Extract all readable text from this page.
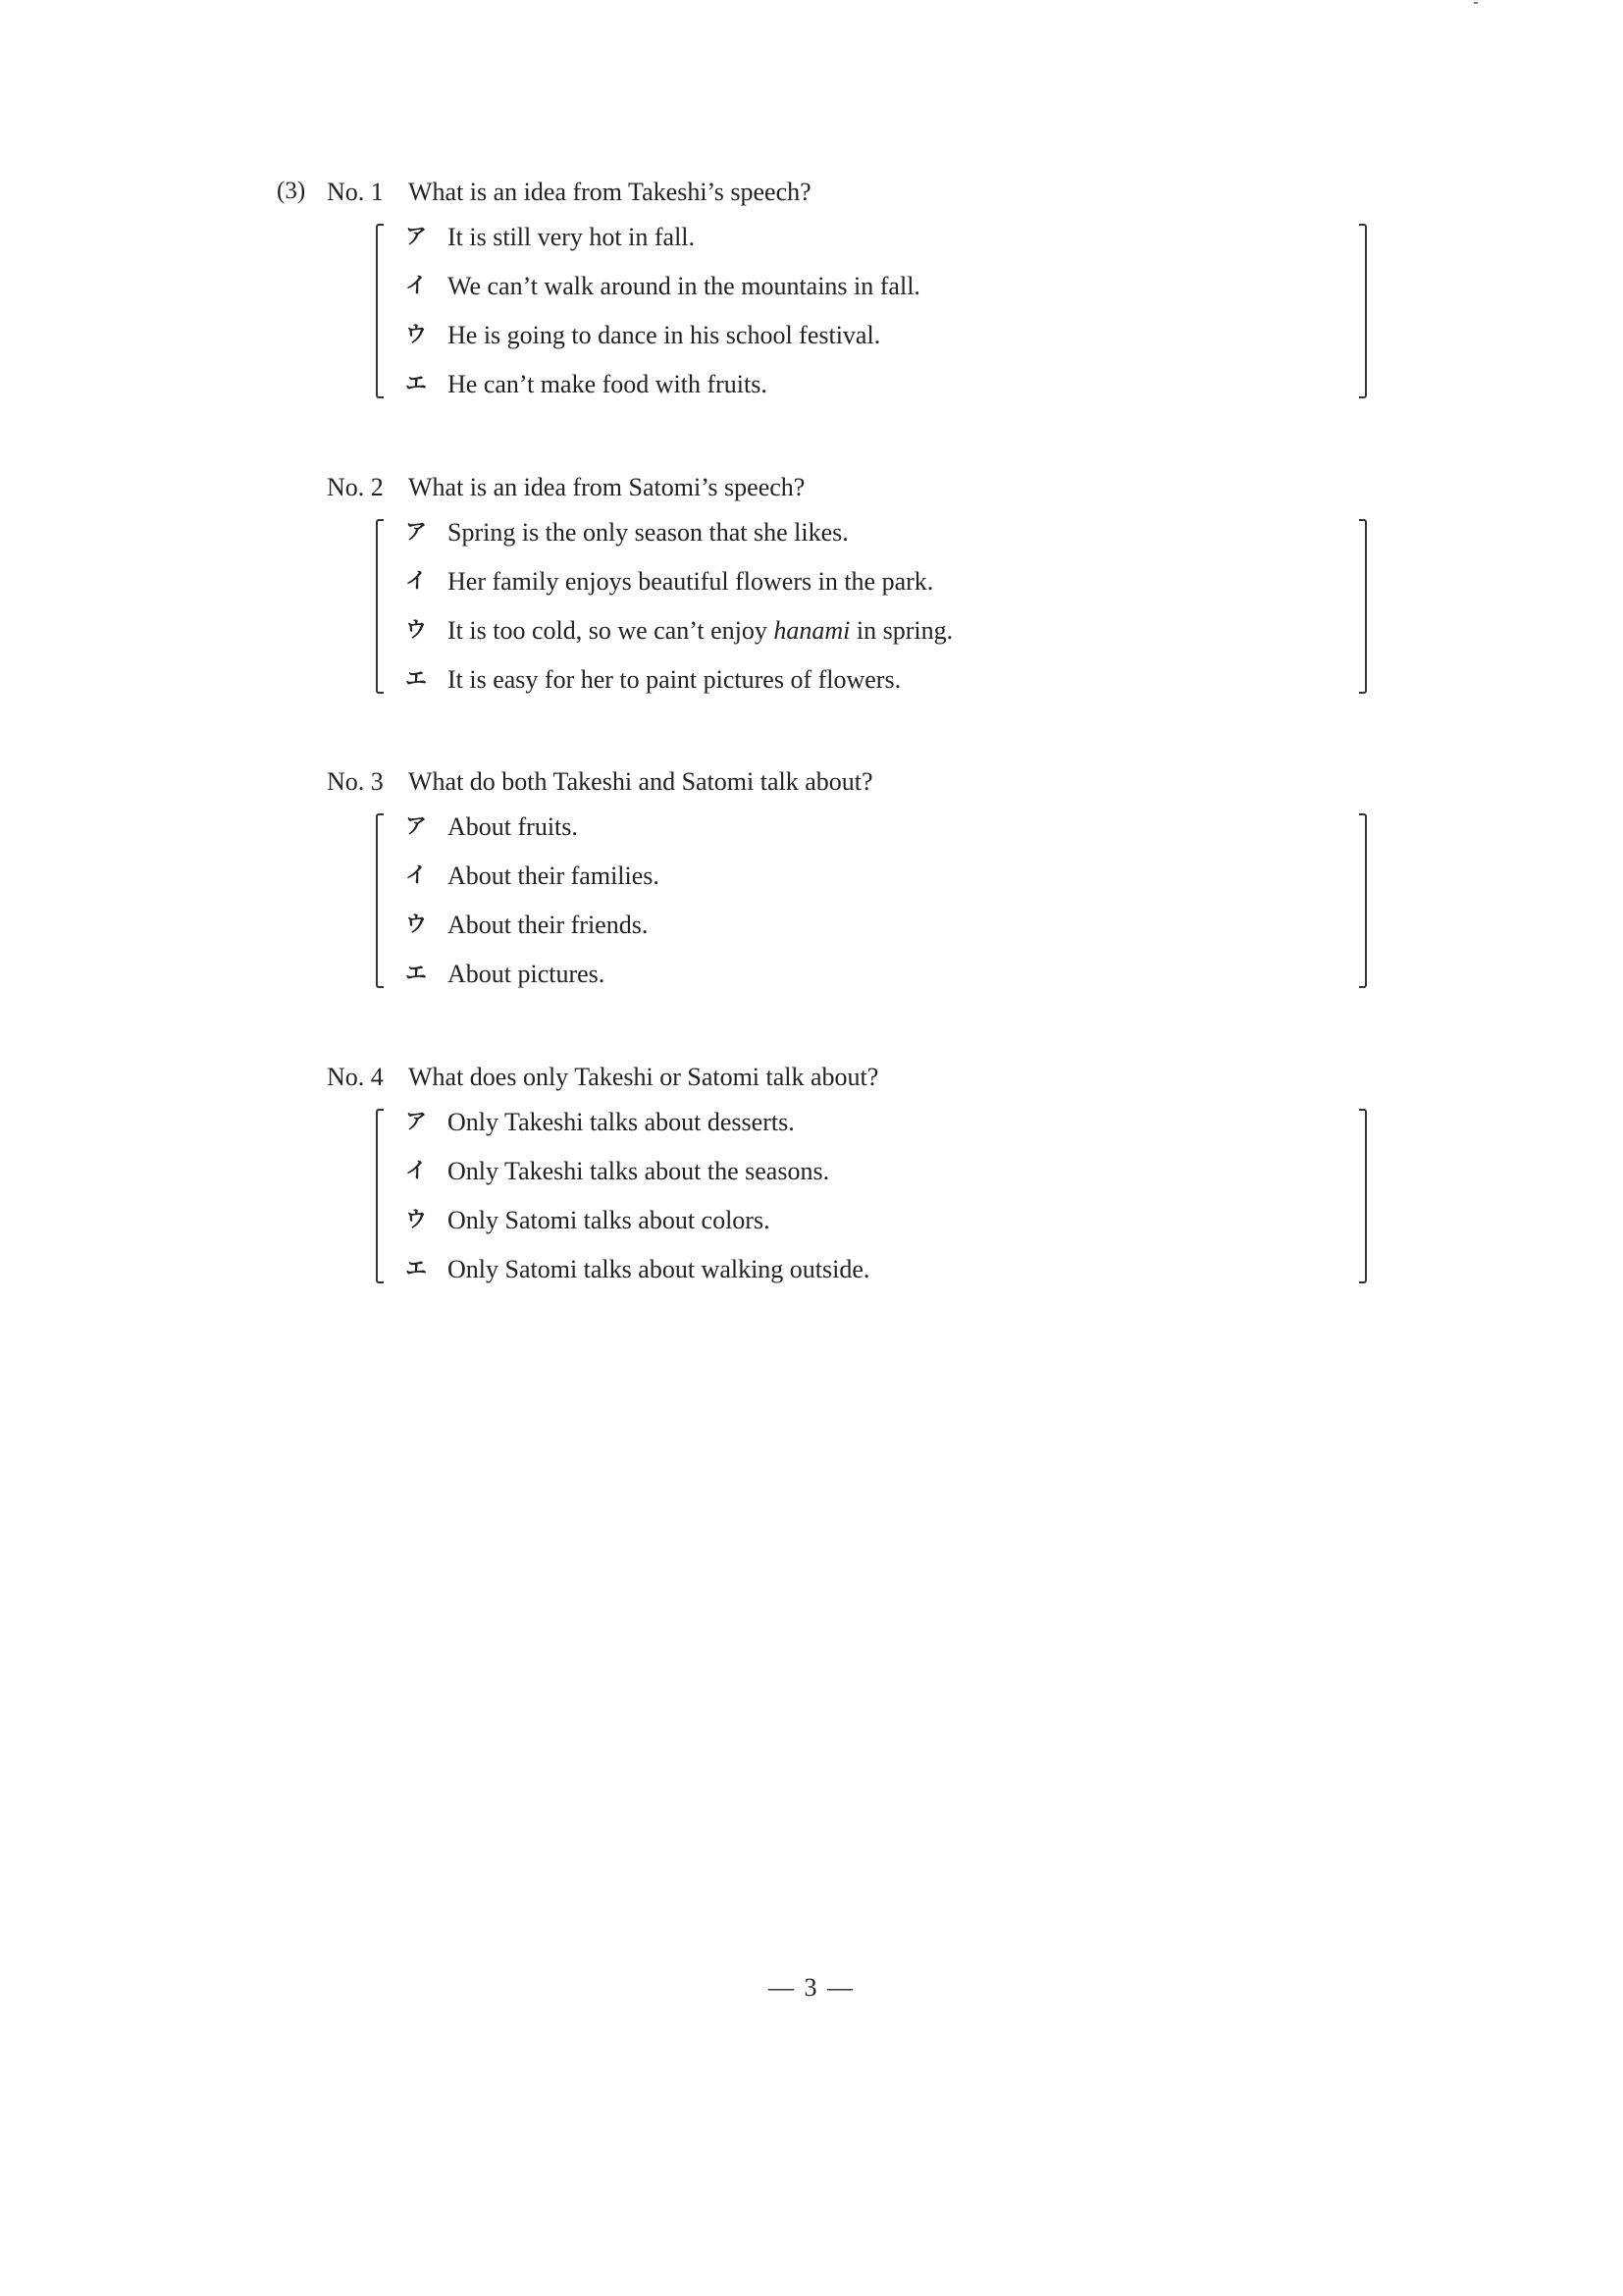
(3) No. 1 What is an idea from Takeshi’s speech?
ア It is still very hot in fall.
イ We can’t walk around in the mountains in fall.
ウ He is going to dance in his school festival.
エ He can’t make food with fruits.
No. 2 What is an idea from Satomi’s speech?
ア Spring is the only season that she likes.
イ Her family enjoys beautiful flowers in the park.
ウ It is too cold, so we can’t enjoy hanami in spring.
エ It is easy for her to paint pictures of flowers.
No. 3 What do both Takeshi and Satomi talk about?
ア About fruits.
イ About their families.
ウ About their friends.
エ About pictures.
No. 4 What does only Takeshi or Satomi talk about?
ア Only Takeshi talks about desserts.
イ Only Takeshi talks about the seasons.
ウ Only Satomi talks about colors.
エ Only Satomi talks about walking outside.
— 3 —
